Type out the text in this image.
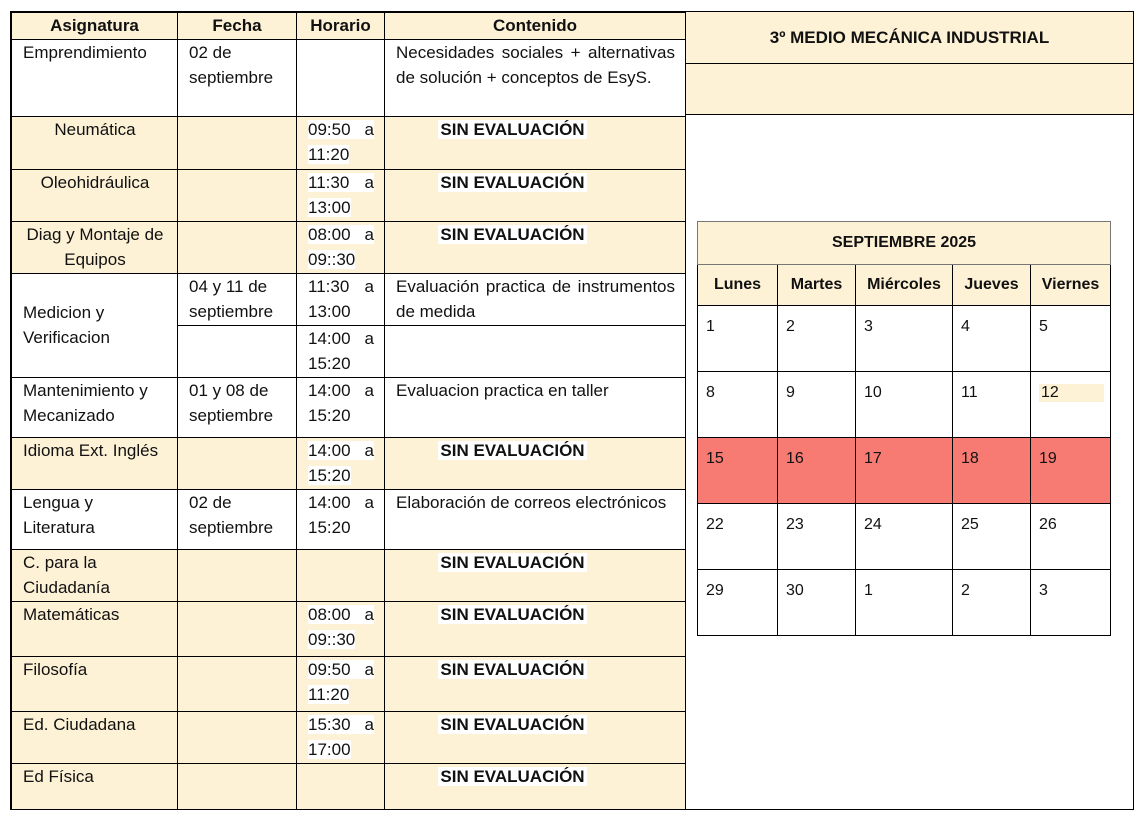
Asignatura	Fecha	Horario	Contenido
Emprendimiento	02 de septiembre		Necesidades sociales + alternativas de solución + conceptos de EsyS.
Neumática		09:50 a 11:20	SIN EVALUACIÓN
Oleohidráulica		11:30 a 13:00	SIN EVALUACIÓN
Diag y Montaje de Equipos		08:00 a 09::30	SIN EVALUACIÓN
Medicion y Verificacion	04 y 11 de septiembre	11:30 a 13:00	Evaluación practica de instrumentos de medida
		14:00 a 15:20	
Mantenimiento y Mecanizado	01 y 08 de septiembre	14:00 a 15:20	Evaluacion practica en taller
Idioma Ext. Inglés		14:00 a 15:20	SIN EVALUACIÓN
Lengua y Literatura	02 de septiembre	14:00 a 15:20	Elaboración de correos electrónicos
C. para la Ciudadanía			SIN EVALUACIÓN
Matemáticas		08:00 a 09::30	SIN EVALUACIÓN
Filosofía		09:50 a 11:20	SIN EVALUACIÓN
Ed. Ciudadana		15:30 a 17:00	SIN EVALUACIÓN
Ed Física			SIN EVALUACIÓN
3º MEDIO MECÁNICA INDUSTRIAL
SEPTIEMBRE 2025				
Lunes	Martes	Miércoles	Jueves	Viernes
1	2	3	4	5
8	9	10	11	12

15	16	17	18	19
22	23	24	25	26
29	30	1	2	3
